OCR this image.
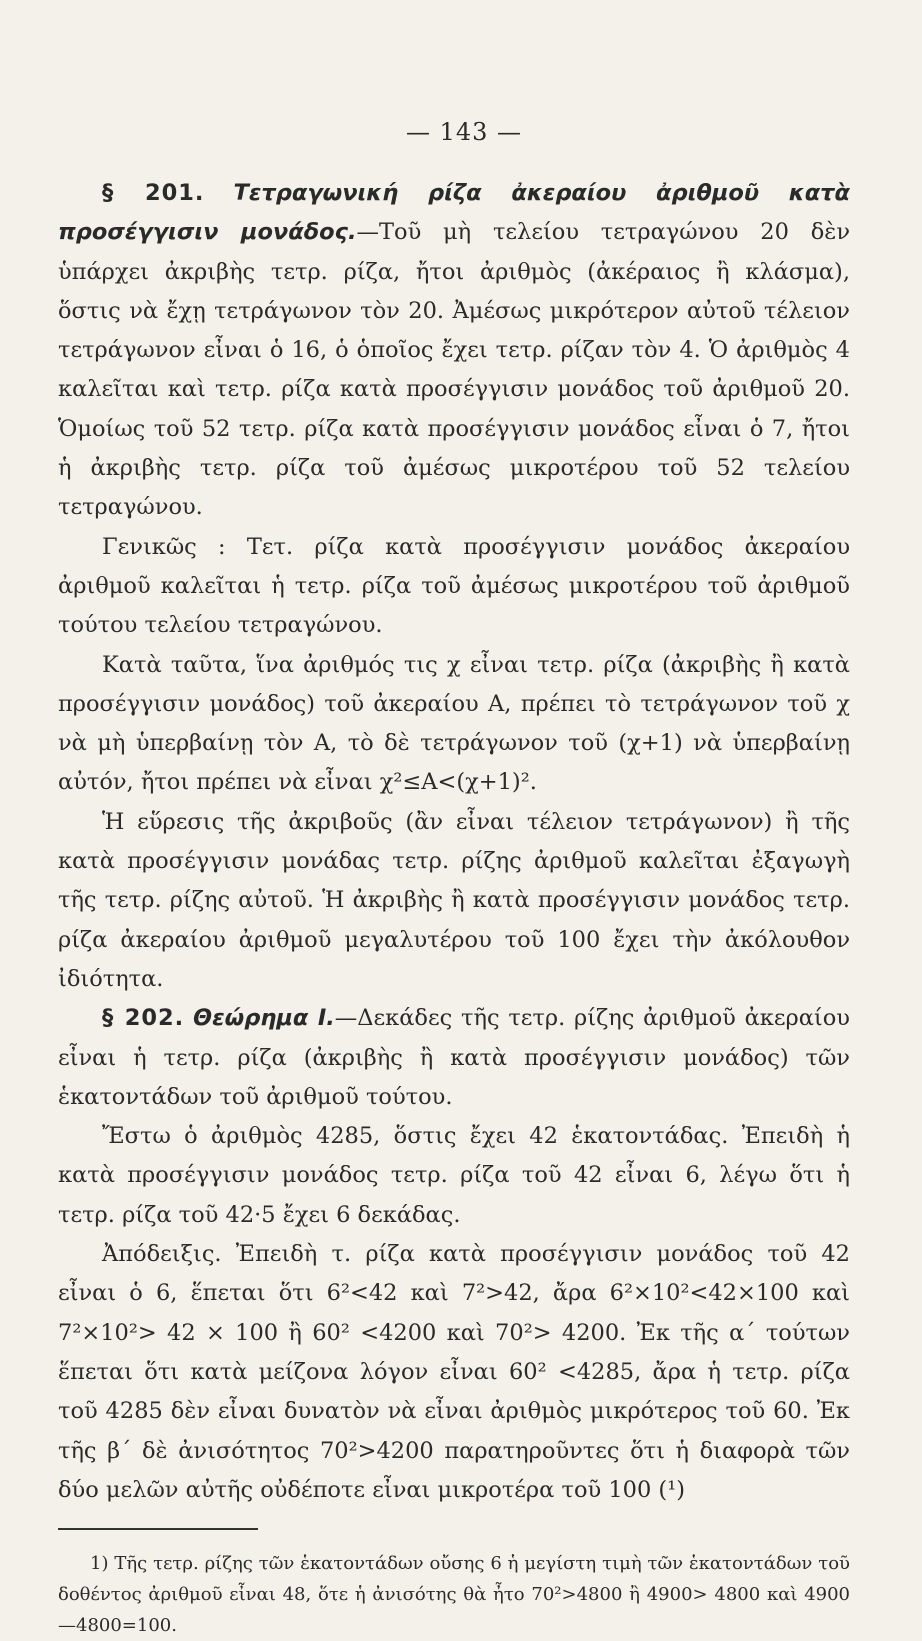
— 143 —

§ 201. Τετραγωνική ρίζα ἀκεραίου ἀριθμοῦ κατὰ προσέγγισιν μονάδος.—Τοῦ μὴ τελείου τετραγώνου 20 δὲν ὑπάρχει ἀκριβὴς τετρ. ρίζα, ἤτοι ἀριθμὸς (ἀκέραιος ἢ κλάσμα), ὅστις νὰ ἔχῃ τετράγωνον τὸν 20. Ἀμέσως μικρότερον αὐτοῦ τέλειον τετράγωνον εἶναι ὁ 16, ὁ ὁποῖος ἔχει τετρ. ρίζαν τὸν 4. Ὁ ἀριθμὸς 4 καλεῖται καὶ τετρ. ρίζα κατὰ προσέγγισιν μονάδος τοῦ ἀριθμοῦ 20. Ὁμοίως τοῦ 52 τετρ. ρίζα κατὰ προσέγγισιν μονάδος εἶναι ὁ 7, ἤτοι ἡ ἀκριβὴς τετρ. ρίζα τοῦ ἀμέσως μικροτέρου τοῦ 52 τελείου τετραγώνου.

Γενικῶς : Τετ. ρίζα κατὰ προσέγγισιν μονάδος ἀκεραίου ἀριθμοῦ καλεῖται ἡ τετρ. ρίζα τοῦ ἀμέσως μικροτέρου τοῦ ἀριθμοῦ τούτου τελείου τετραγώνου.

Κατὰ ταῦτα, ἵνα ἀριθμός τις χ εἶναι τετρ. ρίζα (ἀκριβὴς ἢ κατὰ προσέγγισιν μονάδος) τοῦ ἀκεραίου Α, πρέπει τὸ τετράγωνον τοῦ χ νὰ μὴ ὑπερβαίνῃ τὸν Α, τὸ δὲ τετράγωνον τοῦ (χ+1) νὰ ὑπερβαίνῃ αὐτόν, ἤτοι πρέπει νὰ εἶναι χ²≤Α<(χ+1)².

Ἡ εὕρεσις τῆς ἀκριβοῦς (ἂν εἶναι τέλειον τετράγωνον) ἢ τῆς κατὰ προσέγγισιν μονάδας τετρ. ρίζης ἀριθμοῦ καλεῖται ἐξαγωγὴ τῆς τετρ. ρίζης αὐτοῦ. Ἡ ἀκριβὴς ἢ κατὰ προσέγγισιν μονάδος τετρ. ρίζα ἀκεραίου ἀριθμοῦ μεγαλυτέρου τοῦ 100 ἔχει τὴν ἀκόλουθον ἰδιότητα.

§ 202. Θεώρημα I.—Δεκάδες τῆς τετρ. ρίζης ἀριθμοῦ ἀκεραίου εἶναι ἡ τετρ. ρίζα (ἀκριβὴς ἢ κατὰ προσέγγισιν μονάδος) τῶν ἑκατοντάδων τοῦ ἀριθμοῦ τούτου.

Ἔστω ὁ ἀριθμὸς 4285, ὅστις ἔχει 42 ἑκατοντάδας. Ἐπειδὴ ἡ κατὰ προσέγγισιν μονάδος τετρ. ρίζα τοῦ 42 εἶναι 6, λέγω ὅτι ἡ τετρ. ρίζα τοῦ 42·5 ἔχει 6 δεκάδας.

Ἀπόδειξις. Ἐπειδὴ τ. ρίζα κατὰ προσέγγισιν μονάδος τοῦ 42 εἶναι ὁ 6, ἕπεται ὅτι 6²<42 καὶ 7²>42, ἄρα 6²×10²<42×100 καὶ 7²×10²> 42 × 100 ἢ 60² <4200 καὶ 70²> 4200. Ἐκ τῆς α΄ τούτων ἕπεται ὅτι κατὰ μείζονα λόγον εἶναι 60² <4285, ἄρα ἡ τετρ. ρίζα τοῦ 4285 δὲν εἶναι δυνατὸν νὰ εἶναι ἀριθμὸς μικρότερος τοῦ 60. Ἐκ τῆς β΄ δὲ ἀνισότητος 70²>4200 παρατηροῦντες ὅτι ἡ διαφορὰ τῶν δύο μελῶν αὐτῆς οὐδέποτε εἶναι μικροτέρα τοῦ 100 (¹)

1) Τῆς τετρ. ρίζης τῶν ἑκατοντάδων οὔσης 6 ἡ μεγίστη τιμὴ τῶν ἑκατοντάδων τοῦ δοθέντος ἀριθμοῦ εἶναι 48, ὅτε ἡ ἀνισότης θὰ ἦτο 70²>4800 ἢ 4900> 4800 καὶ 4900—4800=100.
